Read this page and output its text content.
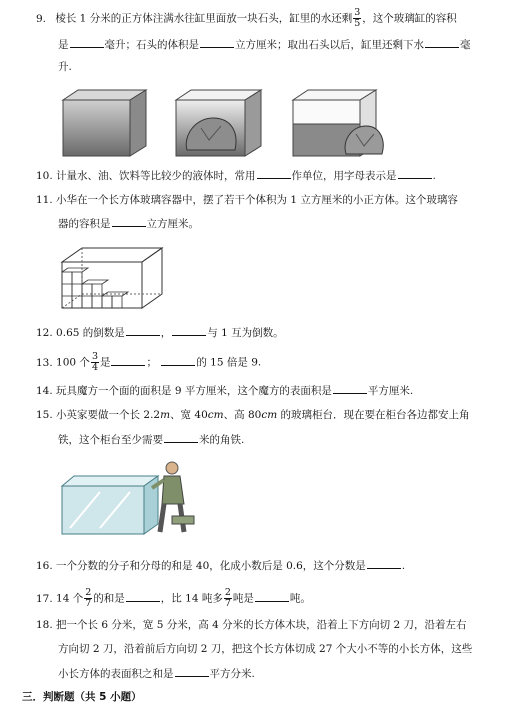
9. 棱长 1 分米的正方体注满水往缸里面放一块石头，缸里的水还剩 $\frac{3}{5}$ ，这个玻璃缸的容积
是	毫升；石头的体积是	立方厘米；取出石头以后，缸里还剩下水	毫
升.
10. 计量水、油、饮料等比较少的液体时，常用	作单位，用字母表示是	.
11. 小华在一个长方体玻璃容器中，摆了若干个体积为 1 立方厘米的小正方体。这个玻璃容
器的容积是	立方厘米。
12. 0.65 的倒数是	，	与 1 互为倒数。
13. 100 个 $\frac{3}{4}$ 是	；	的 15 倍是 9.
14. 玩具魔方一个面的面积是 9 平方厘米，这个魔方的表面积是	平方厘米.
15. 小英家要做一个长 2.2m、宽 40cm、高 80cm 的玻璃柜台．现在要在柜台各边都安上角
铁，这个柜台至少需要	米的角铁.
16. 一个分数的分子和分母的和是 40，化成小数后是 0.6，这个分数是	.
17. 14 个 $\frac{2}{7}$ 的和是	，比 14 吨多 $\frac{2}{7}$ 吨是	吨。
18. 把一个长 6 分米，宽 5 分米，高 4 分米的长方体木块，沿着上下方向切 2 刀，沿着左右
方向切 2 刀，沿着前后方向切 2 刀，把这个长方体切成 27 个大小不等的小长方体，这些
小长方体的表面积之和是	平方分米.
三．判断题（共 5 小题）
